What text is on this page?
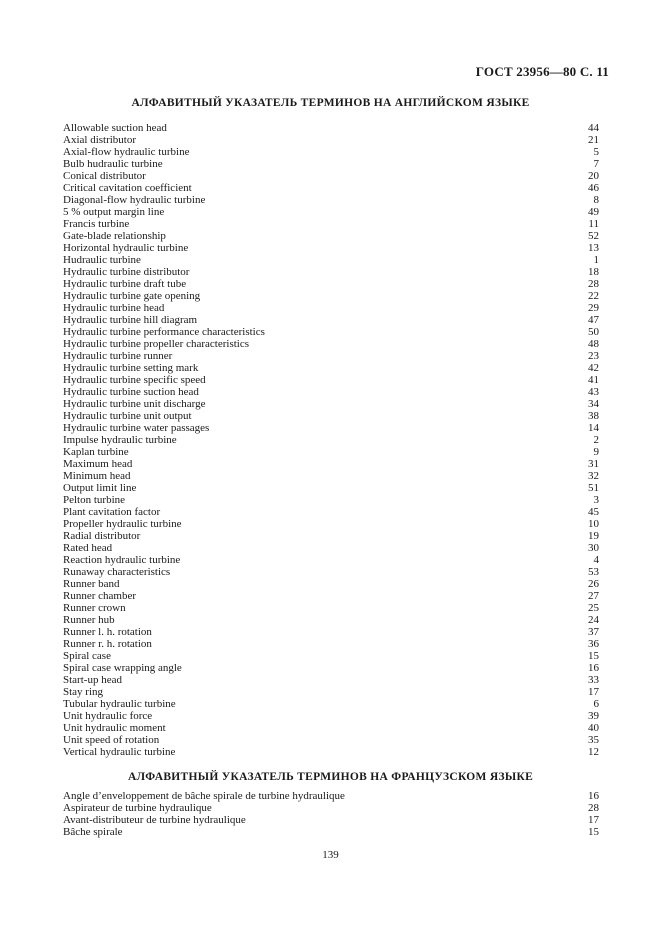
ГОСТ 23956—80 С. 11
АЛФАВИТНЫЙ УКАЗАТЕЛЬ ТЕРМИНОВ НА АНГЛИЙСКОМ ЯЗЫКЕ
Allowable suction head	44
Axial distributor	21
Axial-flow hydraulic turbine	5
Bulb hudraulic turbine	7
Conical distributor	20
Critical cavitation coefficient	46
Diagonal-flow hydraulic turbine	8
5 % output margin line	49
Francis turbine	11
Gate-blade relationship	52
Horizontal hydraulic turbine	13
Hudraulic turbine	1
Hydraulic turbine distributor	18
Hydraulic turbine draft tube	28
Hydraulic turbine gate opening	22
Hydraulic turbine head	29
Hydraulic turbine hill diagram	47
Hydraulic turbine performance characteristics	50
Hydraulic turbine propeller characteristics	48
Hydraulic turbine runner	23
Hydraulic turbine setting mark	42
Hydraulic turbine specific speed	41
Hydraulic turbine suction head	43
Hydraulic turbine unit discharge	34
Hydraulic turbine unit output	38
Hydraulic turbine water passages	14
Impulse hydraulic turbine	2
Kaplan turbine	9
Maximum head	31
Minimum head	32
Output limit line	51
Pelton turbine	3
Plant cavitation factor	45
Propeller hydraulic turbine	10
Radial distributor	19
Rated head	30
Reaction hydraulic turbine	4
Runaway characteristics	53
Runner band	26
Runner chamber	27
Runner crown	25
Runner hub	24
Runner l. h. rotation	37
Runner r. h. rotation	36
Spiral case	15
Spiral case wrapping angle	16
Start-up head	33
Stay ring	17
Tubular hydraulic turbine	6
Unit hydraulic force	39
Unit hydraulic moment	40
Unit speed of rotation	35
Vertical hydraulic turbine	12
АЛФАВИТНЫЙ УКАЗАТЕЛЬ ТЕРМИНОВ НА ФРАНЦУЗСКОМ ЯЗЫКЕ
Angle d’enveloppement de bâche spirale de turbine hydraulique	16
Aspirateur de turbine hydraulique	28
Avant-distributeur de turbine hydraulique	17
Bâche spirale	15
139
